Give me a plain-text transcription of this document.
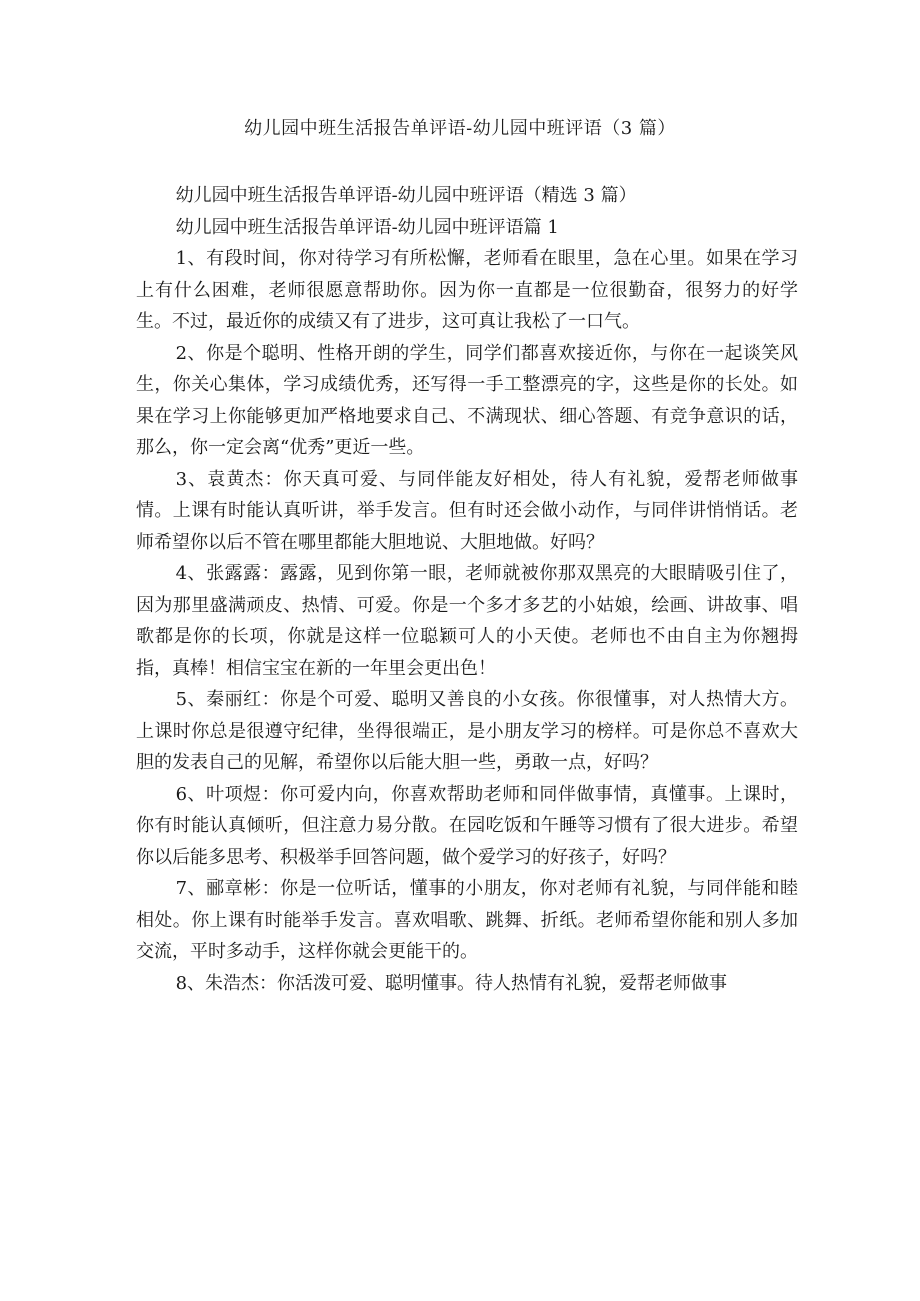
幼儿园中班生活报告单评语-幼儿园中班评语（3 篇）

幼儿园中班生活报告单评语-幼儿园中班评语（精选 3 篇）

幼儿园中班生活报告单评语-幼儿园中班评语篇 1

1、有段时间，你对待学习有所松懈，老师看在眼里，急在心里。如果在学习上有什么困难，老师很愿意帮助你。因为你一直都是一位很勤奋，很努力的好学生。不过，最近你的成绩又有了进步，这可真让我松了一口气。

2、你是个聪明、性格开朗的学生，同学们都喜欢接近你，与你在一起谈笑风生，你关心集体，学习成绩优秀，还写得一手工整漂亮的字，这些是你的长处。如果在学习上你能够更加严格地要求自己、不满现状、细心答题、有竞争意识的话，那么，你一定会离“优秀”更近一些。

3、袁黄杰：你天真可爱、与同伴能友好相处，待人有礼貌，爱帮老师做事情。上课有时能认真听讲，举手发言。但有时还会做小动作，与同伴讲悄悄话。老师希望你以后不管在哪里都能大胆地说、大胆地做。好吗？

4、张露露：露露，见到你第一眼，老师就被你那双黑亮的大眼睛吸引住了，因为那里盛满顽皮、热情、可爱。你是一个多才多艺的小姑娘，绘画、讲故事、唱歌都是你的长项，你就是这样一位聪颖可人的小天使。老师也不由自主为你翘拇指，真棒！相信宝宝在新的一年里会更出色！

5、秦丽红：你是个可爱、聪明又善良的小女孩。你很懂事，对人热情大方。上课时你总是很遵守纪律，坐得很端正，是小朋友学习的榜样。可是你总不喜欢大胆的发表自己的见解，希望你以后能大胆一些，勇敢一点，好吗？

6、叶项煜：你可爱内向，你喜欢帮助老师和同伴做事情，真懂事。上课时，你有时能认真倾听，但注意力易分散。在园吃饭和午睡等习惯有了很大进步。希望你以后能多思考、积极举手回答问题，做个爱学习的好孩子，好吗？

7、郦章彬：你是一位听话，懂事的小朋友，你对老师有礼貌，与同伴能和睦相处。你上课有时能举手发言。喜欢唱歌、跳舞、折纸。老师希望你能和别人多加交流，平时多动手，这样你就会更能干的。

8、朱浩杰：你活泼可爱、聪明懂事。待人热情有礼貌，爱帮老师做事
